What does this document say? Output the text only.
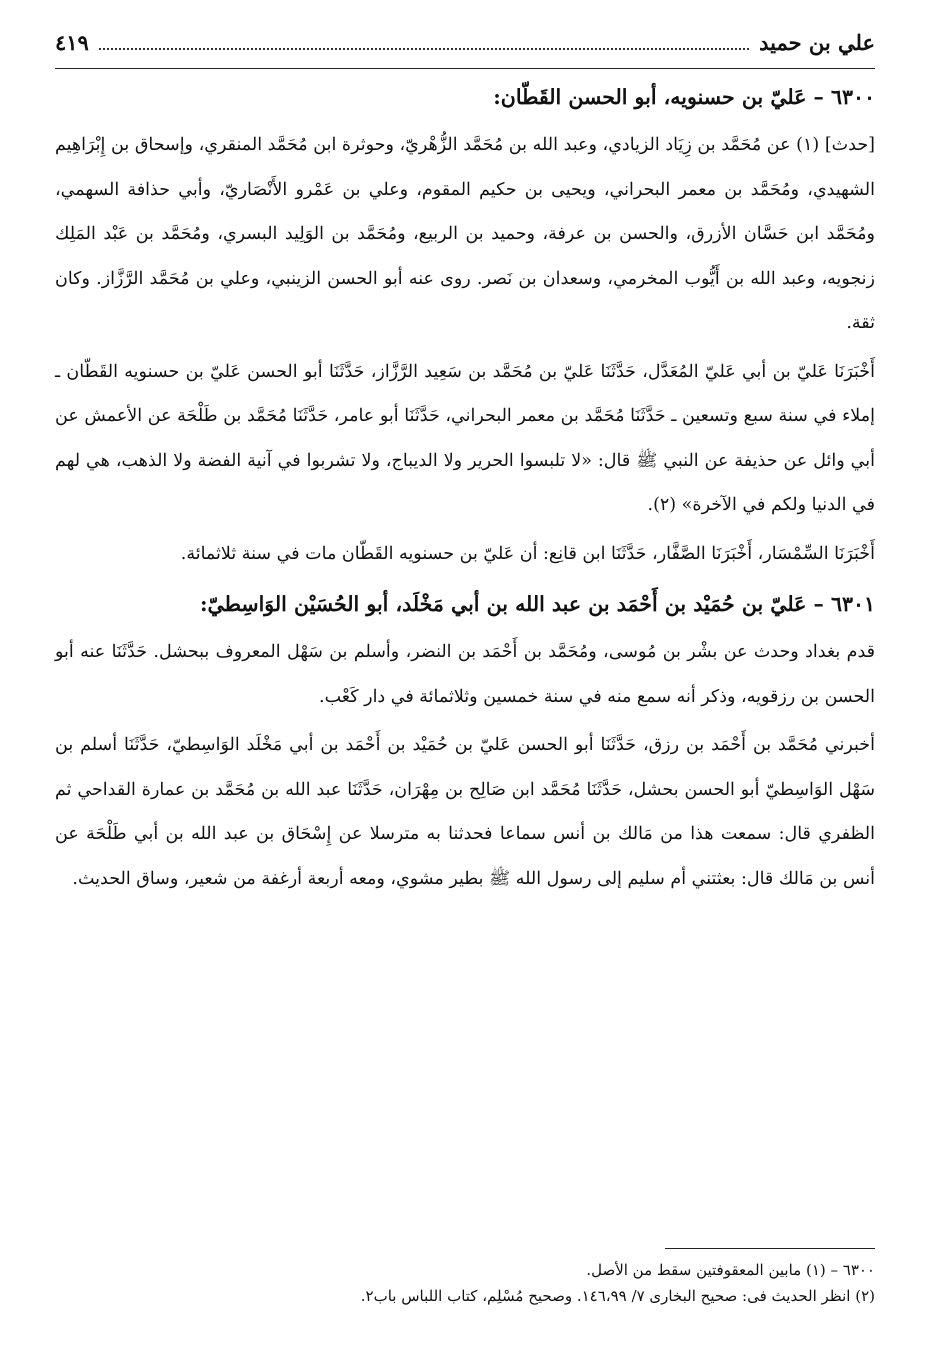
علي بن حميد
٤١٩
٦٣٠٠ – عَليّ بن حسنويه، أبو الحسن القَطّان:

[حدث] (١) عن مُحَمَّد بن زِيَاد الزيادي، وعبد الله بن مُحَمَّد الزُّهْريّ، وحوثرة ابن مُحَمَّد المنقري، وإسحاق بن إِبْرَاهِيم الشهيدي، ومُحَمَّد بن معمر البحراني، ويحيى بن حكيم المقوم، وعلي بن عَمْرو الأَنْصَاريّ، وأبي حذافة السهمي، ومُحَمَّد ابن حَسَّان الأزرق، والحسن بن عرفة، وحميد بن الربيع، ومُحَمَّد بن الوَلِيد البسري، ومُحَمَّد بن عَبْد المَلِك زنجويه، وعبد الله بن أَيُّوب المخرمي، وسعدان بن نَصر. روى عنه أبو الحسن الزينبي، وعلي بن مُحَمَّد الرَّزَّاز. وكان ثقة.

أَخْبَرَنَا عَليّ بن أبي عَليّ المُعَدَّل، حَدَّثَنَا عَليّ بن مُحَمَّد بن سَعِيد الرَّزَّاز، حَدَّثَنَا أبو الحسن عَليّ بن حسنويه القَطّان ـ إملاء في سنة سبع وتسعين ـ حَدَّثَنَا مُحَمَّد بن معمر البحراني، حَدَّثَنَا أبو عامر، حَدَّثَنَا مُحَمَّد بن طَلْحَة عن الأعمش عن أبي وائل عن حذيفة عن النبي ﷺ قال: «لا تلبسوا الحرير ولا الديباج، ولا تشربوا في آنية الفضة ولا الذهب، هي لهم في الدنيا ولكم في الآخرة» (٢).

أَخْبَرَنَا السِّمْسَار، أَخْبَرَنَا الصَّفَّار، حَدَّثَنَا ابن قانِع: أن عَليّ بن حسنويه القَطّان مات في سنة ثلاثمائة.

٦٣٠١ – عَليّ بن حُمَيْد بن أَحْمَد بن عبد الله بن أبي مَخْلَد، أبو الحُسَيْن الوَاسِطيّ:

قدم بغداد وحدث عن بشْر بن مُوسى، ومُحَمَّد بن أَحْمَد بن النضر، وأسلم بن سَهْل المعروف ببحشل. حَدَّثَنَا عنه أبو الحسن بن رزقويه، وذكر أنه سمع منه في سنة خمسين وثلاثمائة في دار كَعْب.

أخبرني مُحَمَّد بن أَحْمَد بن رزق، حَدَّثَنَا أبو الحسن عَليّ بن حُمَيْد بن أَحْمَد بن أبي مَخْلَد الوَاسِطيّ، حَدَّثَنَا أسلم بن سَهْل الوَاسِطيّ أبو الحسن بحشل، حَدَّثَنَا مُحَمَّد ابن صَالِح بن مِهْرَان، حَدَّثَنَا عبد الله بن مُحَمَّد بن عمارة القداحي ثم الظفري قال: سمعت هذا من مَالك بن أنس سماعا فحدثنا به مترسلا عن إِسْحَاق بن عبد الله بن أبي طَلْحَة عن أنس بن مَالك قال: بعثتني أم سليم إلى رسول الله ﷺ بطير مشوي، ومعه أربعة أرغفة من شعير، وساق الحديث.

٦٣٠٠ – (١) مابين المعقوفتين سقط من الأصل.
(٢) انظر الحديث فى: صحيح البخارى ٧/ ١٤٦،٩٩. وصحيح مُسْلِم، كتاب اللباس باب٢.
